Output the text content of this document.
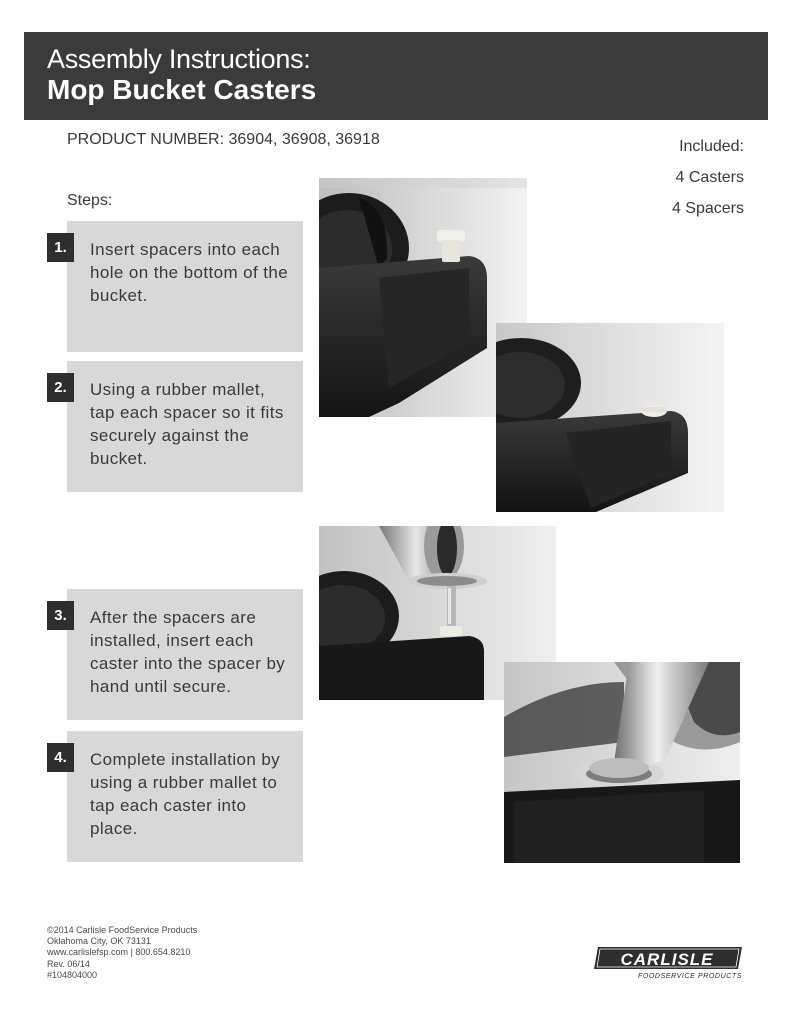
Assembly Instructions:
Mop Bucket Casters
PRODUCT NUMBER: 36904, 36908, 36918	Included:
4 Casters
4 Spacers
Steps:
1.	Insert spacers into each hole on the bottom of the bucket.
2.	Using a rubber mallet, tap each spacer so it fits securely against the bucket.
3.	After the spacers are installed, insert each caster into the spacer by hand until secure.
4.	Complete installation by using a rubber mallet to tap each caster into place.
©2014 Carlisle FoodService Products
Oklahoma City, OK 73131
www.carlislefsp.com | 800.654.8210
Rev. 06/14
#104804000
CARLISLE
FOODSERVICE PRODUCTS
